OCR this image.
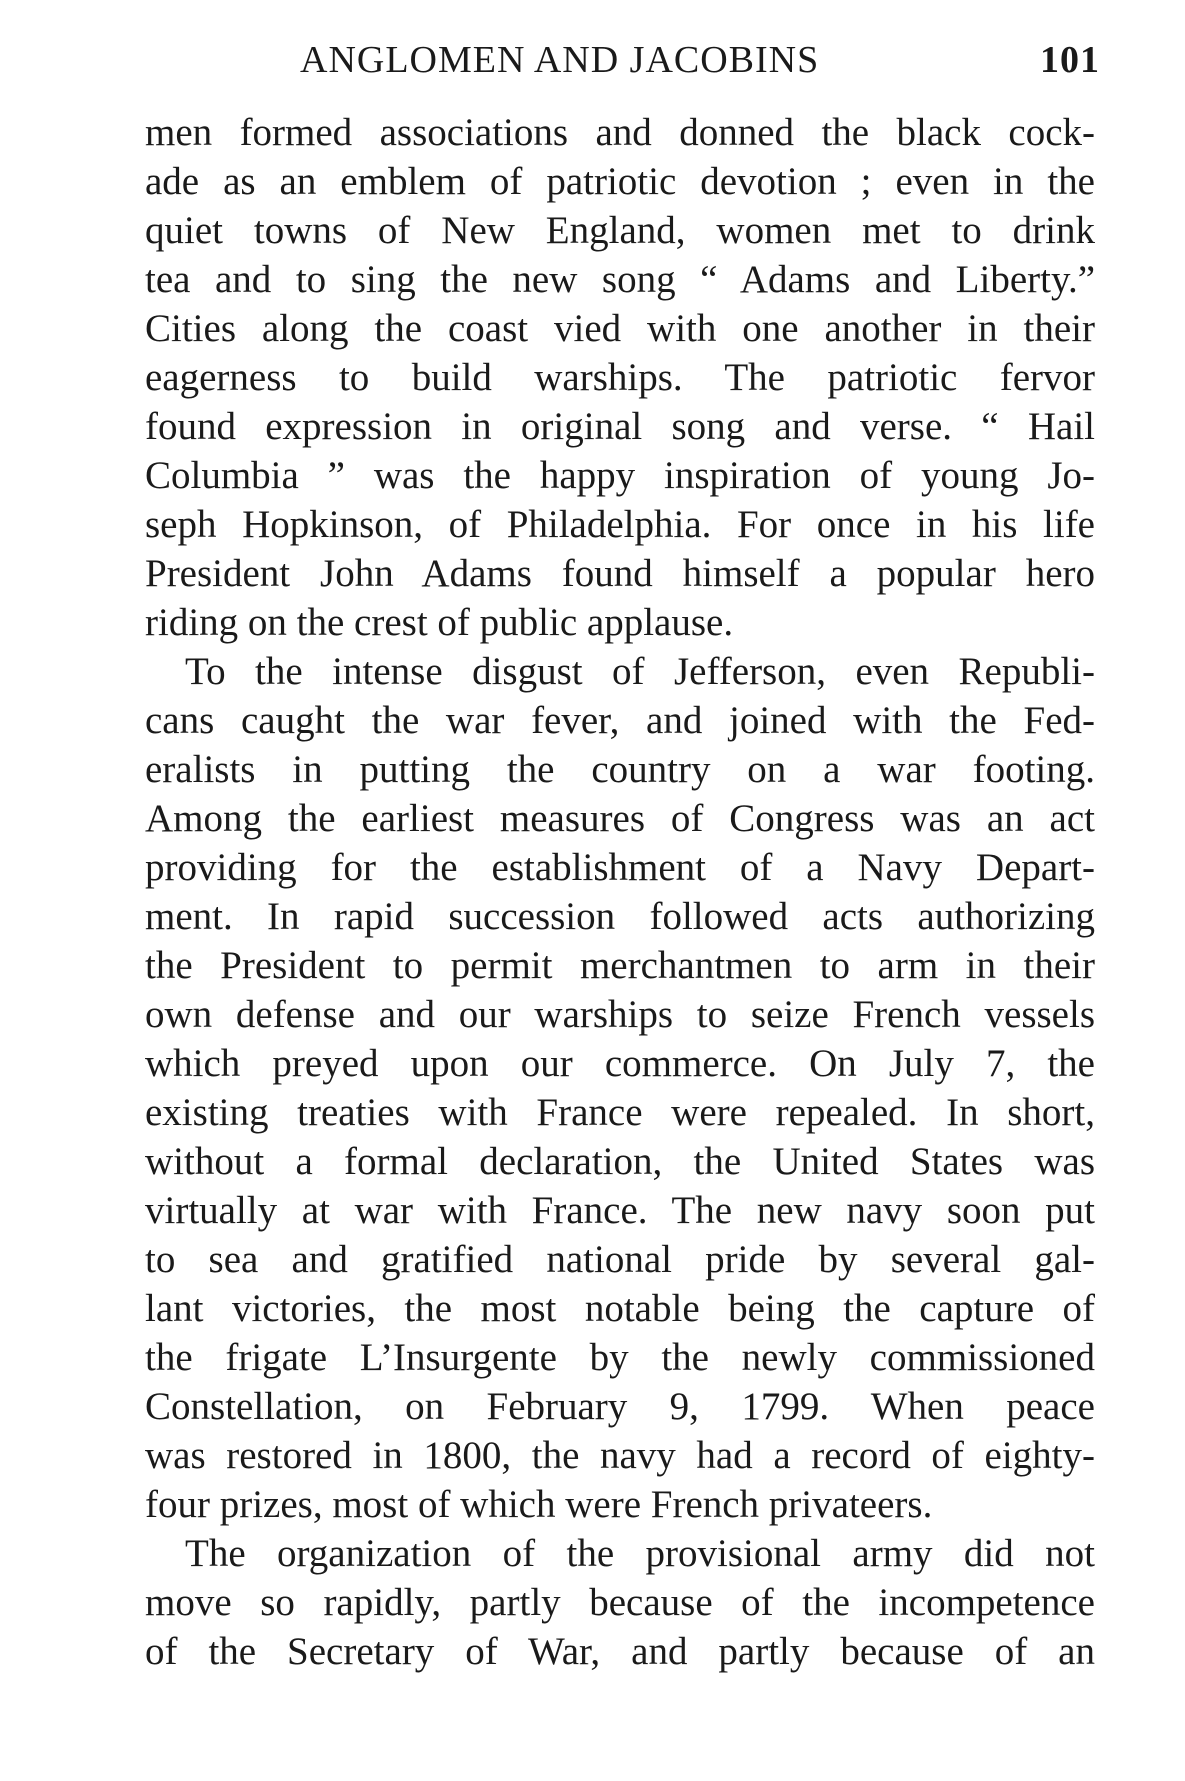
ANGLOMEN AND JACOBINS	101
men formed associations and donned the black cock-
ade as an emblem of patriotic devotion ; even in the
quiet towns of New England, women met to drink
tea and to sing the new song “ Adams and Liberty.”
Cities along the coast vied with one another in their
eagerness to build warships. The patriotic fervor
found expression in original song and verse. “ Hail
Columbia ” was the happy inspiration of young Jo-
seph Hopkinson, of Philadelphia. For once in his life
President John Adams found himself a popular hero
riding on the crest of public applause.
To the intense disgust of Jefferson, even Republi-
cans caught the war fever, and joined with the Fed-
eralists in putting the country on a war footing.
Among the earliest measures of Congress was an act
providing for the establishment of a Navy Depart-
ment. In rapid succession followed acts authorizing
the President to permit merchantmen to arm in their
own defense and our warships to seize French vessels
which preyed upon our commerce. On July 7, the
existing treaties with France were repealed. In short,
without a formal declaration, the United States was
virtually at war with France. The new navy soon put
to sea and gratified national pride by several gal-
lant victories, the most notable being the capture of
the frigate L’Insurgente by the newly commissioned
Constellation, on February 9, 1799. When peace
was restored in 1800, the navy had a record of eighty-
four prizes, most of which were French privateers.
The organization of the provisional army did not
move so rapidly, partly because of the incompetence
of the Secretary of War, and partly because of an
